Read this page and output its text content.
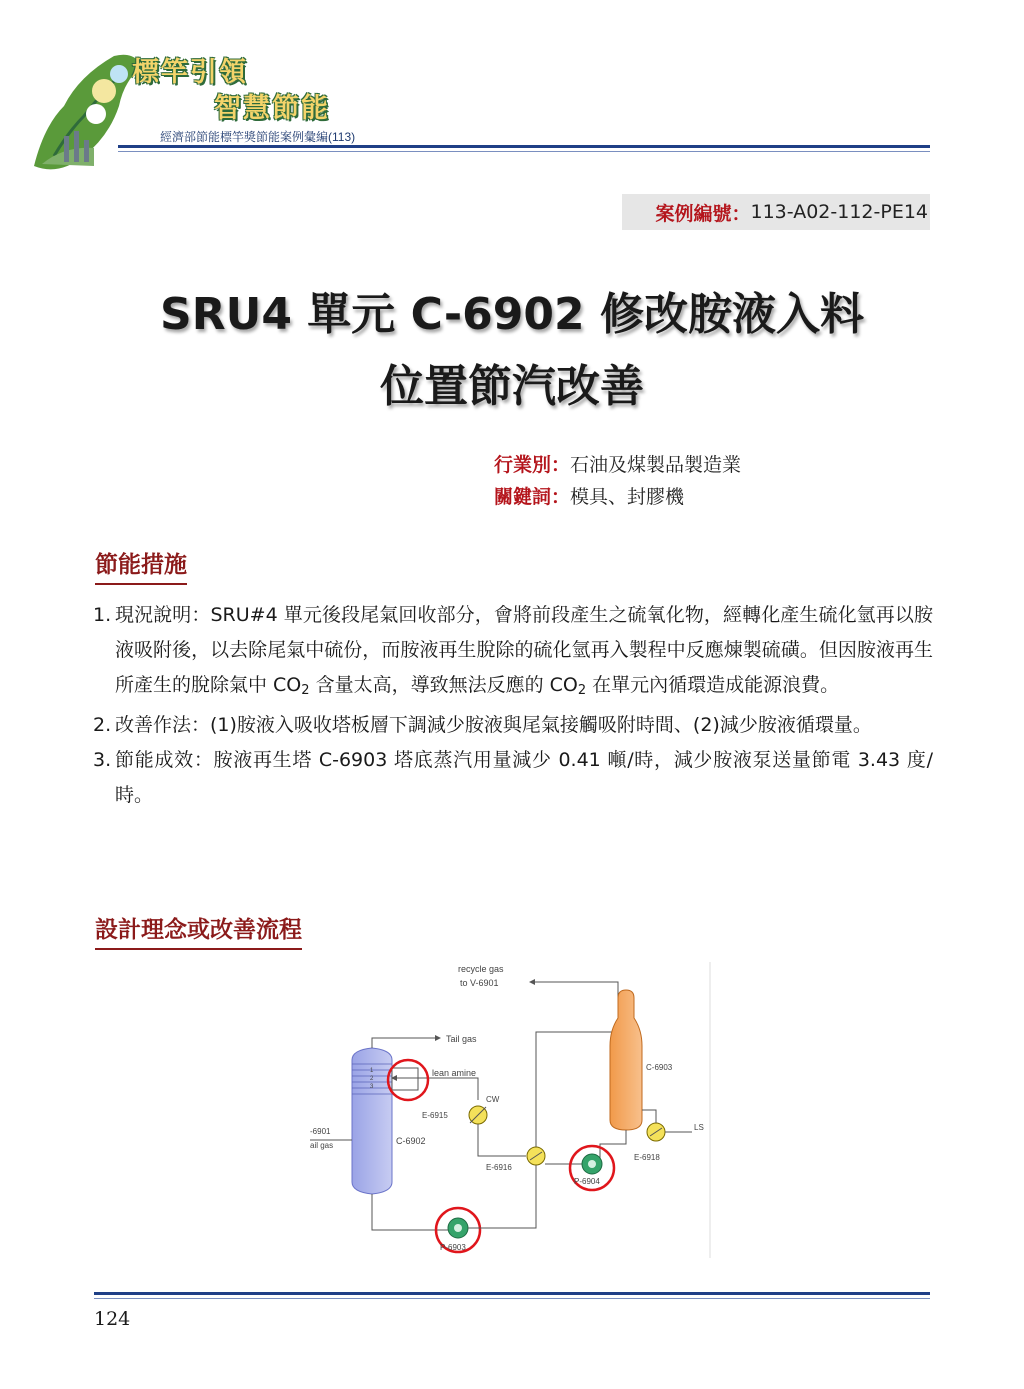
標竿引領
智慧節能
經濟部節能標竿獎節能案例彙編(113)
案例編號： 113-A02-112-PE14
SRU4 單元 C-6902 修改胺液入料
位置節汽改善
行業別：石油及煤製品製造業
關鍵詞：模具、封膠機
節能措施
1. 現況說明：SRU#4 單元後段尾氣回收部分，會將前段產生之硫氧化物，經轉化產生硫化氫再以胺液吸附後，以去除尾氣中硫份，而胺液再生脫除的硫化氫再入製程中反應煉製硫磺。但因胺液再生所產生的脫除氣中 $CO_2$ 含量太高，導致無法反應的 $CO_2$ 在單元內循環造成能源浪費。
2. 改善作法：(1)胺液入吸收塔板層下調減少胺液與尾氣接觸吸附時間、(2)減少胺液循環量。
3. 節能成效：胺液再生塔 C-6903 塔底蒸汽用量減少 0.41 噸/時，減少胺液泵送量節電 3.43 度/時。
設計理念或改善流程
recycle gas
to V-6901
1
2
3
C-6902
Tail gas
lean amine
CW
E-6915
-6901
ail gas
E-6916
C-6903
LS
E-6918
P-6904
P-6903
124
